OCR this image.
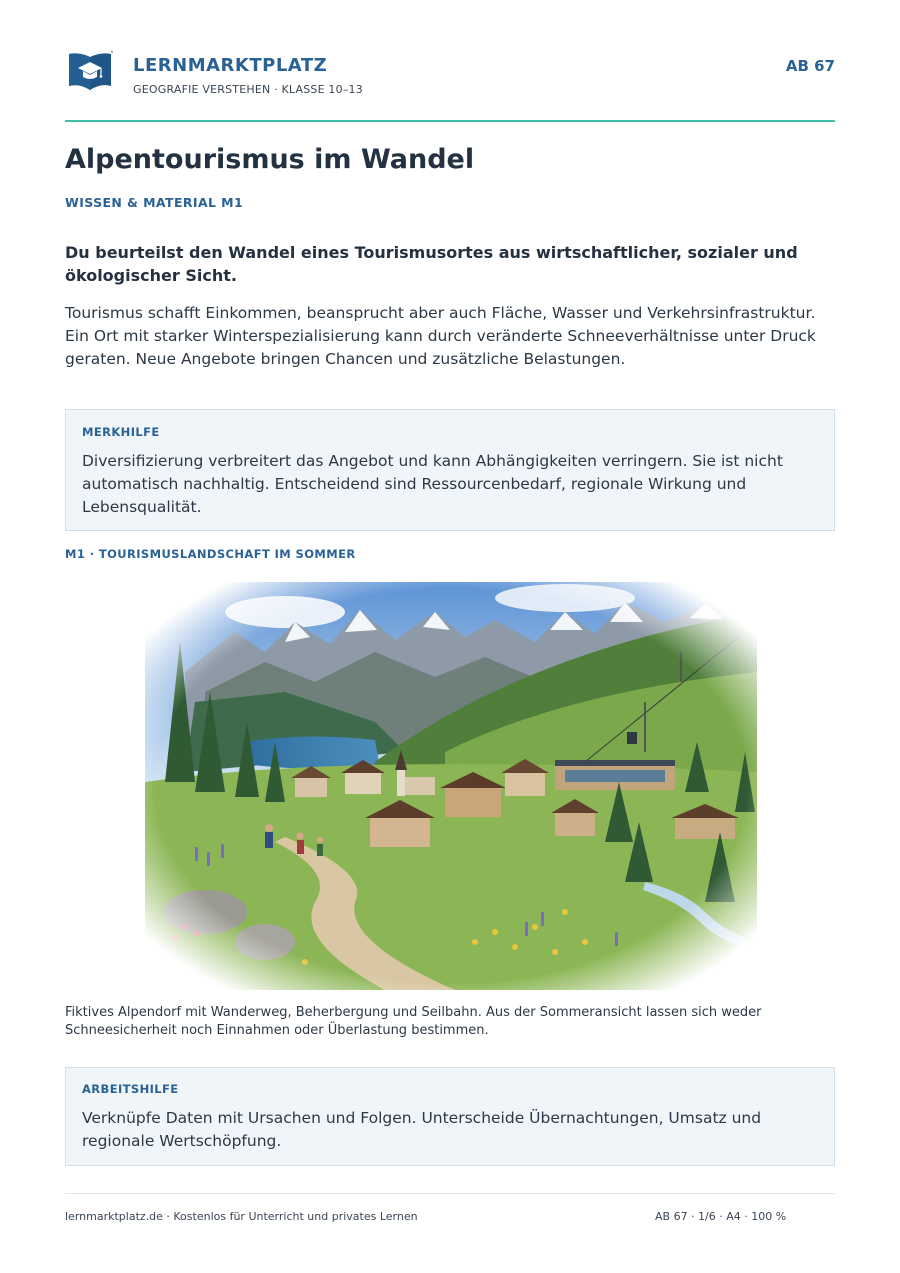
LERNMARKTPLATZ
GEOGRAFIE VERSTEHEN · KLASSE 10–13
AB 67
Alpentourismus im Wandel
WISSEN & MATERIAL M1

Du beurteilst den Wandel eines Tourismusortes aus wirtschaftlicher, sozialer und ökologischer Sicht.

Tourismus schafft Einkommen, beansprucht aber auch Fläche, Wasser und Verkehrsinfrastruktur. Ein Ort mit starker Winterspezialisierung kann durch veränderte Schneeverhältnisse unter Druck geraten. Neue Angebote bringen Chancen und zusätzliche Belastungen.

MERKHILFE

Diversifizierung verbreitert das Angebot und kann Abhängigkeiten verringern. Sie ist nicht automatisch nachhaltig. Entscheidend sind Ressourcenbedarf, regionale Wirkung und Lebensqualität.

M1 · TOURISMUSLANDSCHAFT IM SOMMER

Fiktives Alpendorf mit Wanderweg, Beherbergung und Seilbahn. Aus der Sommeransicht lassen sich weder Schneesicherheit noch Einnahmen oder Überlastung bestimmen.

ARBEITSHILFE

Verknüpfe Daten mit Ursachen und Folgen. Unterscheide Übernachtungen, Umsatz und regionale Wertschöpfung.

lernmarktplatz.de · Kostenlos für Unterricht und privates Lernen	AB 67 · 1/6 · A4 · 100 %
